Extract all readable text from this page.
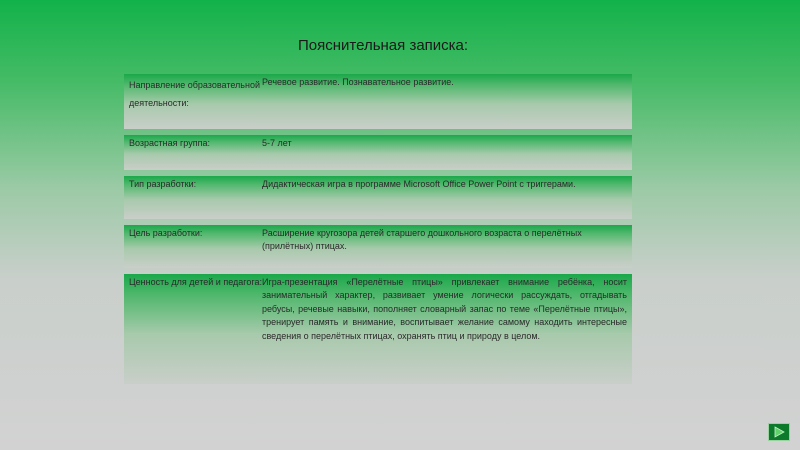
Пояснительная записка:
Направление образовательной деятельности:
Речевое развитие. Познавательное развитие.
Возрастная группа:	5-7 лет
Тип разработки:	Дидактическая игра в программе Microsoft Office Power Point с триггерами.
Цель разработки:	Расширение кругозора детей старшего дошкольного возраста о перелётных (прилётных) птицах.
Ценность для детей и педагога: Игра-презентация «Перелётные птицы» привлекает внимание ребёнка, носит занимательный характер, развивает умение логически рассуждать, отгадывать ребусы, речевые навыки, пополняет словарный запас по теме «Перелётные птицы», тренирует память и внимание, воспитывает желание самому находить интересные сведения о перелётных птицах, охранять птиц и природу в целом.
